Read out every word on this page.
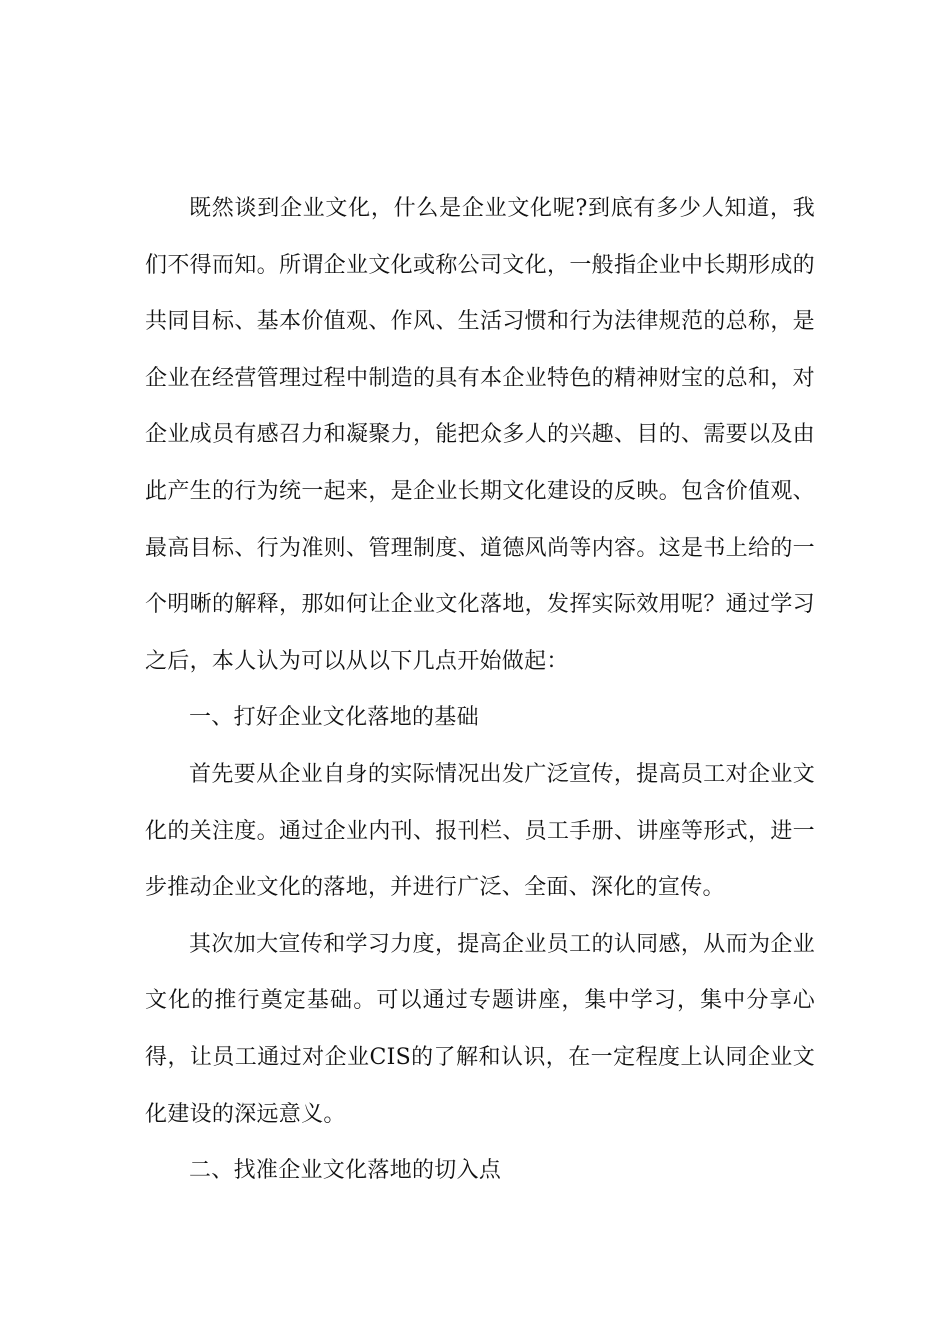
既然谈到企业文化，什么是企业文化呢?到底有多少人知道，我们不得而知。所谓企业文化或称公司文化，一般指企业中长期形成的共同目标、基本价值观、作风、生活习惯和行为法律规范的总称，是企业在经营管理过程中制造的具有本企业特色的精神财宝的总和，对企业成员有感召力和凝聚力，能把众多人的兴趣、目的、需要以及由此产生的行为统一起来，是企业长期文化建设的反映。包含价值观、最高目标、行为准则、管理制度、道德风尚等内容。这是书上给的一个明晰的解释，那如何让企业文化落地，发挥实际效用呢？通过学习之后，本人认为可以从以下几点开始做起：

一、打好企业文化落地的基础

首先要从企业自身的实际情况出发广泛宣传，提高员工对企业文化的关注度。通过企业内刊、报刊栏、员工手册、讲座等形式，进一步推动企业文化的落地，并进行广泛、全面、深化的宣传。

其次加大宣传和学习力度，提高企业员工的认同感，从而为企业文化的推行奠定基础。可以通过专题讲座，集中学习，集中分享心得，让员工通过对企业CIS的了解和认识，在一定程度上认同企业文化建设的深远意义。

二、找准企业文化落地的切入点
